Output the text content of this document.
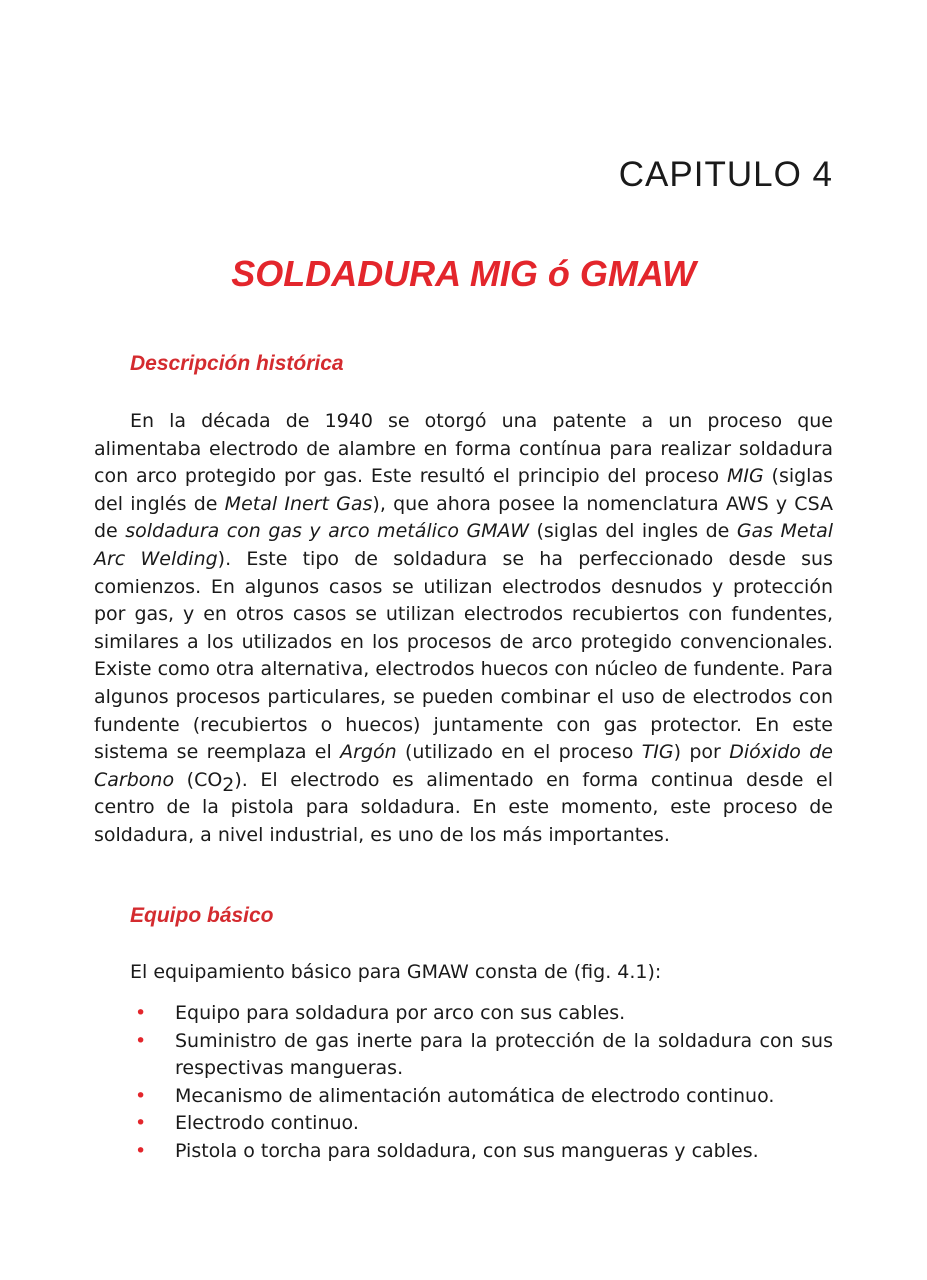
CAPITULO 4
SOLDADURA MIG ó GMAW
Descripción histórica

En la década de 1940 se otorgó una patente a un proceso que alimentaba electrodo de alambre en forma contínua para realizar soldadura con arco protegido por gas. Este resultó el principio del proceso MIG (siglas del inglés de Metal Inert Gas), que ahora posee la nomenclatura AWS y CSA de soldadura con gas y arco metálico GMAW (siglas del ingles de Gas Metal Arc Welding). Este tipo de soldadura se ha perfeccionado desde sus comienzos. En algunos casos se utilizan electrodos desnudos y protección por gas, y en otros casos se utilizan electrodos recubiertos con fundentes, similares a los utilizados en los procesos de arco protegido convencionales. Existe como otra alternativa, electrodos huecos con núcleo de fundente. Para algunos procesos particulares, se pueden combinar el uso de electrodos con fundente (recubiertos o huecos) juntamente con gas protector. En este sistema se reemplaza el Argón (utilizado en el proceso TIG) por Dióxido de Carbono $(CO_2)$. El electrodo es alimentado en forma continua desde el centro de la pistola para soldadura. En este momento, este proceso de soldadura, a nivel industrial, es uno de los más importantes.

Equipo básico

El equipamiento básico para GMAW consta de (fig. 4.1):

• Equipo para soldadura por arco con sus cables.
• Suministro de gas inerte para la protección de la soldadura con sus respectivas mangueras.
• Mecanismo de alimentación automática de electrodo continuo.
• Electrodo continuo.
• Pistola o torcha para soldadura, con sus mangueras y cables.
